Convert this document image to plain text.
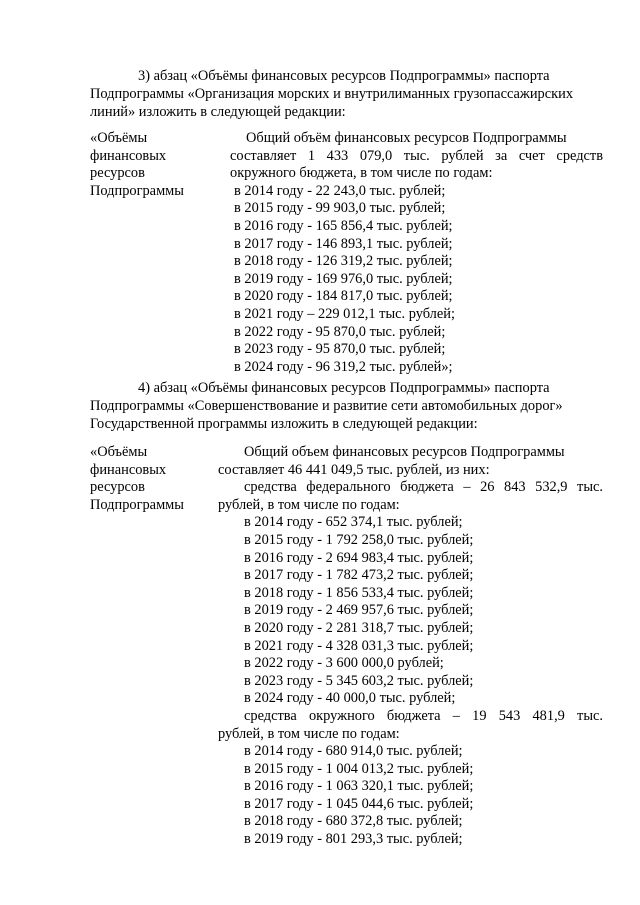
3) абзац «Объёмы финансовых ресурсов Подпрограммы» паспорта
Подпрограммы «Организация морских и внутрилиманных грузопассажирских
линий» изложить в следующей редакции:
«Объёмы
финансовых
ресурсов
Подпрограммы
Общий объём финансовых ресурсов Подпрограммы
составляет 1 433 079,0 тыс. рублей за счет средств
окружного бюджета, в том числе по годам:
в 2014 году - 22 243,0 тыс. рублей;
в 2015 году - 99 903,0 тыс. рублей;
в 2016 году - 165 856,4 тыс. рублей;
в 2017 году - 146 893,1 тыс. рублей;
в 2018 году - 126 319,2 тыс. рублей;
в 2019 году - 169 976,0 тыс. рублей;
в 2020 году - 184 817,0 тыс. рублей;
в 2021 году – 229 012,1 тыс. рублей;
в 2022 году - 95 870,0 тыс. рублей;
в 2023 году - 95 870,0 тыс. рублей;
в 2024 году - 96 319,2 тыс. рублей»;
4) абзац «Объёмы финансовых ресурсов Подпрограммы» паспорта
Подпрограммы «Совершенствование и развитие сети автомобильных дорог»
Государственной программы изложить в следующей редакции:
«Объёмы
финансовых
ресурсов
Подпрограммы
Общий объем финансовых ресурсов Подпрограммы
составляет 46 441 049,5 тыс. рублей, из них:
средства федерального бюджета – 26 843 532,9 тыс.
рублей, в том числе по годам:
в 2014 году - 652 374,1 тыс. рублей;
в 2015 году - 1 792 258,0 тыс. рублей;
в 2016 году - 2 694 983,4 тыс. рублей;
в 2017 году - 1 782 473,2 тыс. рублей;
в 2018 году - 1 856 533,4 тыс. рублей;
в 2019 году - 2 469 957,6 тыс. рублей;
в 2020 году - 2 281 318,7 тыс. рублей;
в 2021 году - 4 328 031,3 тыс. рублей;
в 2022 году - 3 600 000,0 рублей;
в 2023 году - 5 345 603,2 тыс. рублей;
в 2024 году - 40 000,0 тыс. рублей;
средства окружного бюджета – 19 543 481,9 тыс.
рублей, в том числе по годам:
в 2014 году - 680 914,0 тыс. рублей;
в 2015 году - 1 004 013,2 тыс. рублей;
в 2016 году - 1 063 320,1 тыс. рублей;
в 2017 году - 1 045 044,6 тыс. рублей;
в 2018 году - 680 372,8 тыс. рублей;
в 2019 году - 801 293,3 тыс. рублей;
